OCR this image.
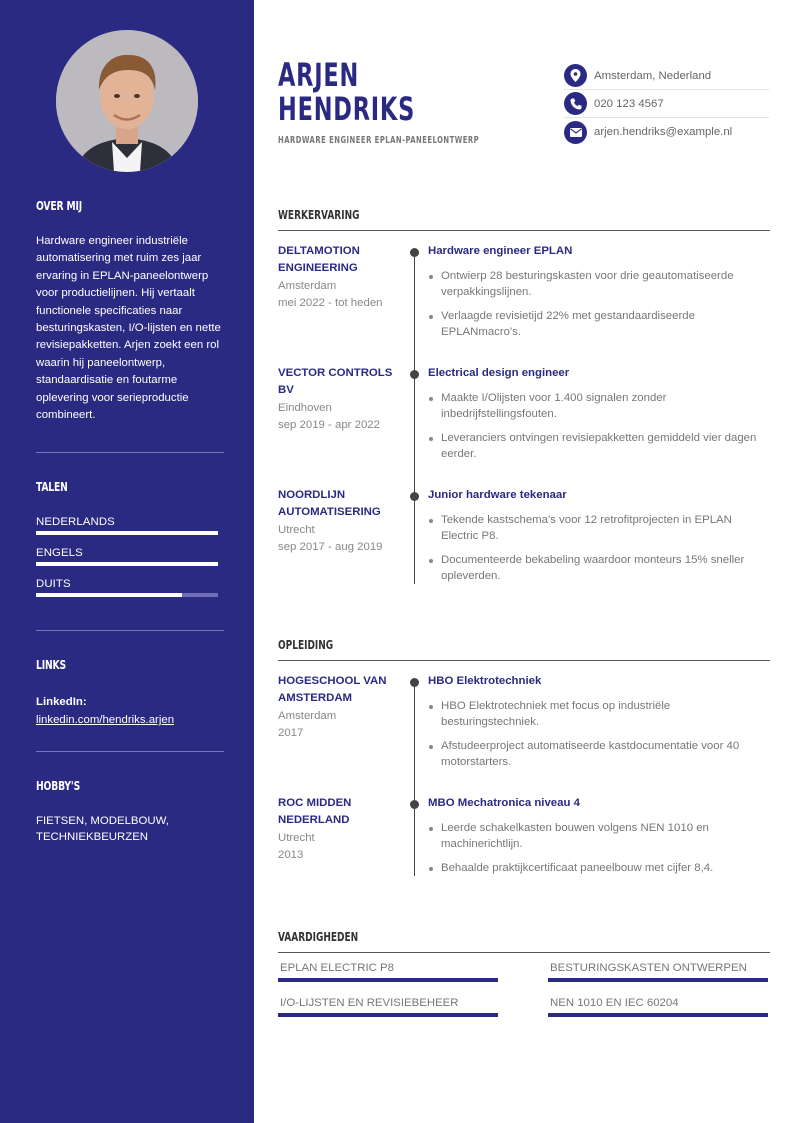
OVER MIJ
Hardware engineer industriële automatisering met ruim zes jaar ervaring in EPLAN-paneelontwerp voor productielijnen. Hij vertaalt functionele specificaties naar besturingskasten, I/O-lijsten en nette revisiepakketten. Arjen zoekt een rol waarin hij paneelontwerp, standaardisatie en foutarme oplevering voor serieproductie combineert.
TALEN
NEDERLANDS
ENGELS
DUITS
LINKS
LinkedIn:
linkedin.com/hendriks.arjen
HOBBY'S
FIETSEN, MODELBOUW, TECHNIEKBEURZEN
ARJEN
HENDRIKS
HARDWARE ENGINEER EPLAN-PANEELONTWERP
Amsterdam, Nederland
020 123 4567
arjen.hendriks@example.nl
WERKERVARING
DELTAMOTION ENGINEERING
Amsterdam
mei 2022 - tot heden
Hardware engineer EPLAN
Ontwierp 28 besturingskasten voor drie geautomatiseerde verpakkingslijnen.
Verlaagde revisietijd 22% met gestandaardiseerde EPLANmacro's.
VECTOR CONTROLS BV
Eindhoven
sep 2019 - apr 2022
Electrical design engineer
Maakte I/Olijsten voor 1.400 signalen zonder inbedrijfstellingsfouten.
Leveranciers ontvingen revisiepakketten gemiddeld vier dagen eerder.
NOORDLIJN AUTOMATISERING
Utrecht
sep 2017 - aug 2019
Junior hardware tekenaar
Tekende kastschema's voor 12 retrofitprojecten in EPLAN Electric P8.
Documenteerde bekabeling waardoor monteurs 15% sneller opleverden.
OPLEIDING
HOGESCHOOL VAN AMSTERDAM
Amsterdam
2017
HBO Elektrotechniek
HBO Elektrotechniek met focus op industriële besturingstechniek.
Afstudeerproject automatiseerde kastdocumentatie voor 40 motorstarters.
ROC MIDDEN NEDERLAND
Utrecht
2013
MBO Mechatronica niveau 4
Leerde schakelkasten bouwen volgens NEN 1010 en machinerichtlijn.
Behaalde praktijkcertificaat paneelbouw met cijfer 8,4.
VAARDIGHEDEN
EPLAN ELECTRIC P8	BESTURINGSKASTEN ONTWERPEN
I/O-LIJSTEN EN REVISIEBEHEER	NEN 1010 EN IEC 60204
